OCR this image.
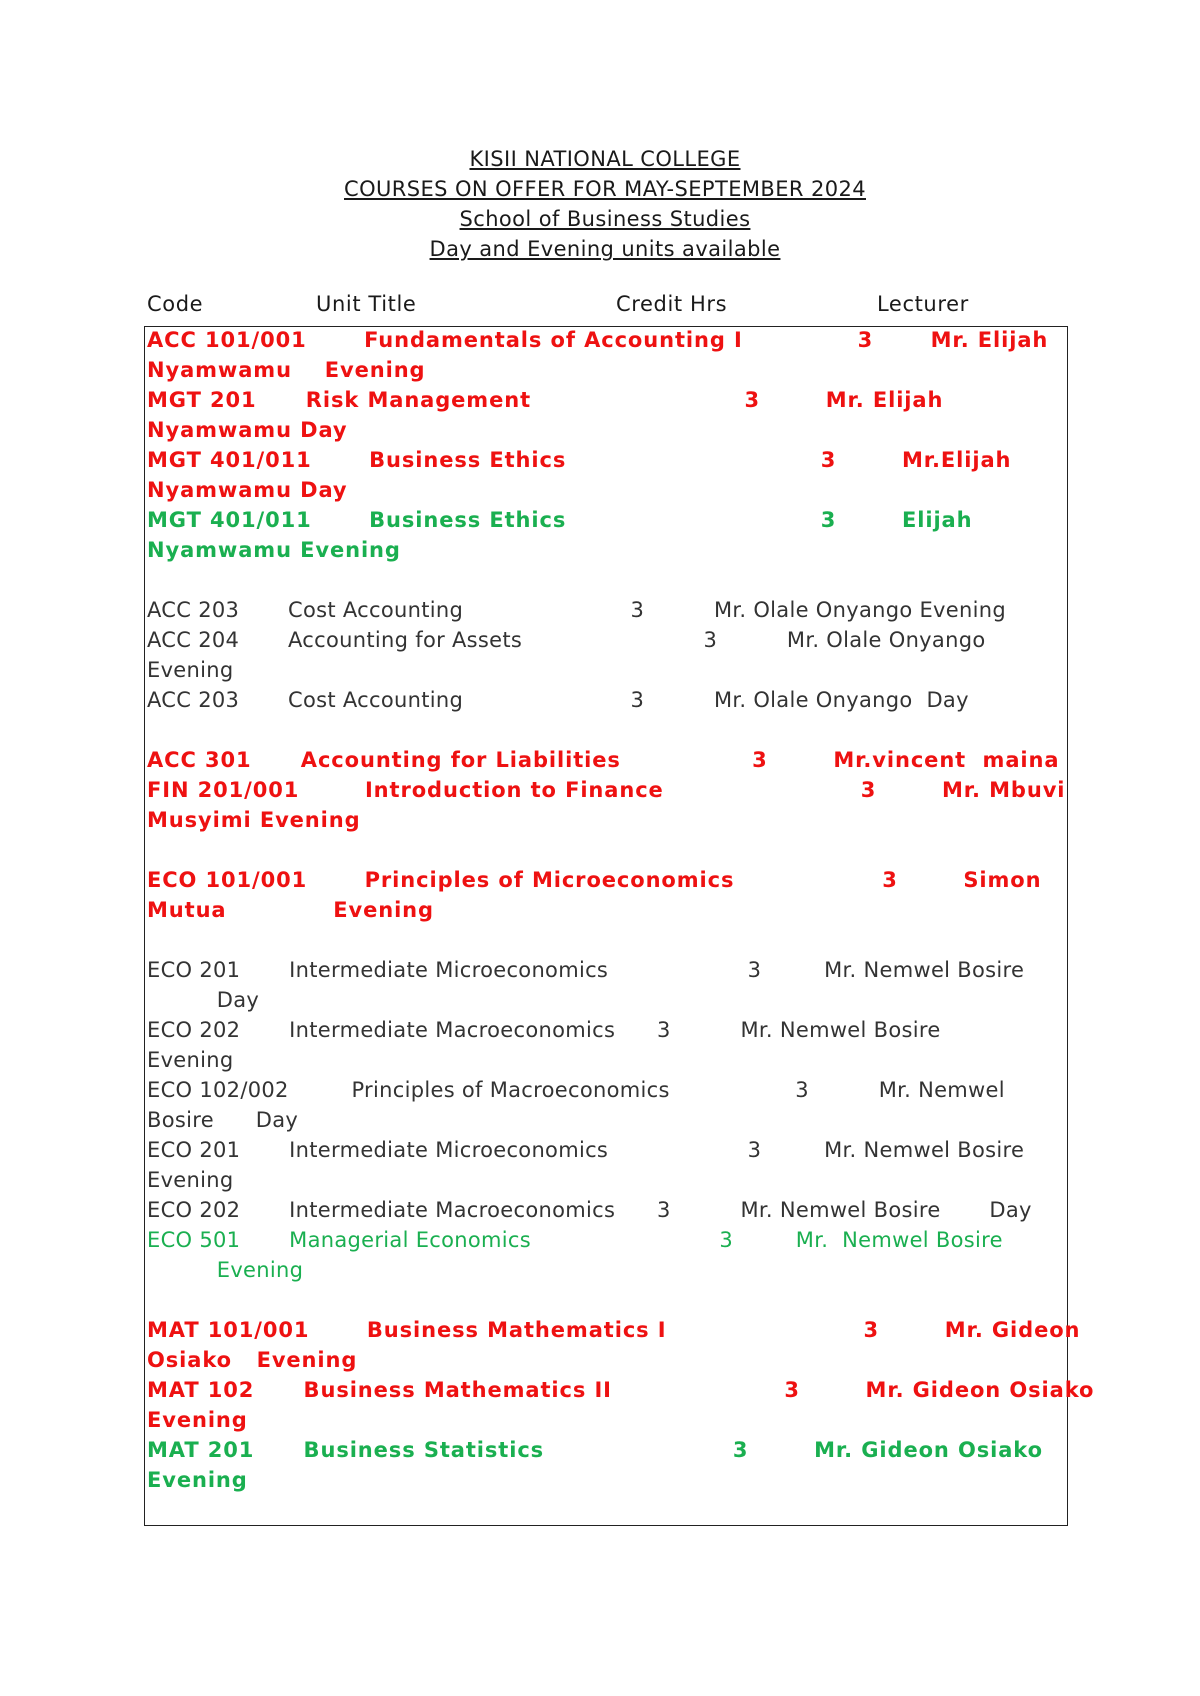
KISII NATIONAL COLLEGE
COURSES ON OFFER FOR MAY-SEPTEMBER 2024
School of Business Studies
Day and Evening units available
Code	Unit Title	Credit Hrs	Lecturer
ACC 101/001       Fundamentals of Accounting I              3       Mr. Elijah
Nyamwamu    Evening
MGT 201      Risk Management                          3        Mr. Elijah
Nyamwamu Day
MGT 401/011       Business Ethics                               3        Mr.Elijah
Nyamwamu Day
MGT 401/011       Business Ethics                               3        Elijah
Nyamwamu Evening
ACC 203       Cost Accounting                        3          Mr. Olale Onyango Evening
ACC 204       Accounting for Assets                          3          Mr. Olale Onyango
Evening
ACC 203       Cost Accounting                        3          Mr. Olale Onyango  Day
ACC 301      Accounting for Liabilities                3        Mr.vincent  maina
FIN 201/001        Introduction to Finance                        3        Mr. Mbuvi
Musyimi Evening
ECO 101/001       Principles of Microeconomics                  3        Simon
Mutua             Evening
ECO 201       Intermediate Microeconomics                    3         Mr. Nemwel Bosire
Day
ECO 202       Intermediate Macroeconomics      3          Mr. Nemwel Bosire
Evening
ECO 102/002         Principles of Macroeconomics                  3          Mr. Nemwel
Bosire      Day
ECO 201       Intermediate Microeconomics                    3         Mr. Nemwel Bosire
Evening
ECO 202       Intermediate Macroeconomics      3          Mr. Nemwel Bosire       Day
ECO 501       Managerial Economics                           3         Mr.  Nemwel Bosire
Evening
MAT 101/001       Business Mathematics I                        3        Mr. Gideon
Osiako   Evening
MAT 102      Business Mathematics II                     3        Mr. Gideon Osiako
Evening
MAT 201      Business Statistics                       3        Mr. Gideon Osiako
Evening
